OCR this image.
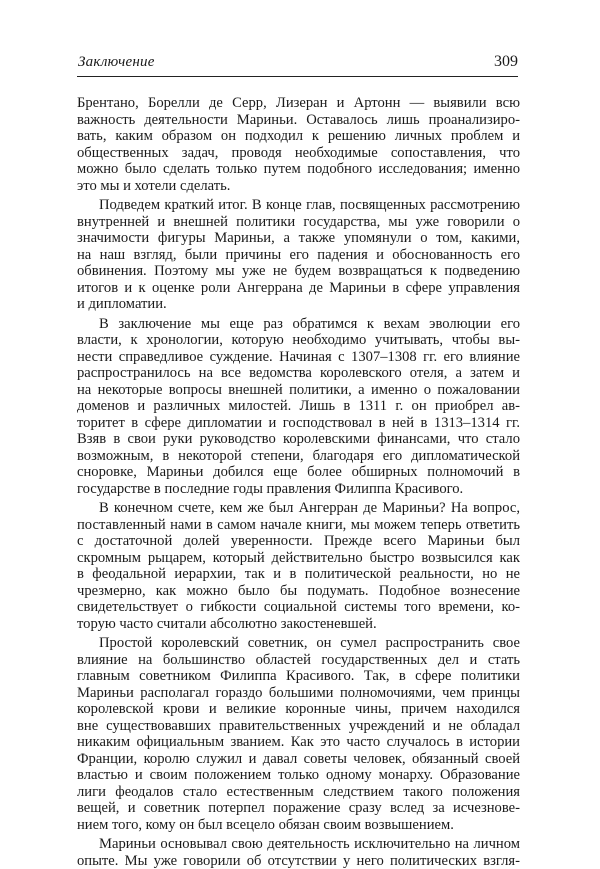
Заключение	309
Брентано, Борелли де Серр, Лизеран и Артонн — выявили всю
важность деятельности Мариньи. Оставалось лишь проанализиро-
вать, каким образом он подходил к решению личных проблем и
общественных задач, проводя необходимые сопоставления, что
можно было сделать только путем подобного исследования; именно
это мы и хотели сделать.
Подведем краткий итог. В конце глав, посвященных рассмотрению
внутренней и внешней политики государства, мы уже говорили о
значимости фигуры Мариньи, а также упомянули о том, какими,
на наш взгляд, были причины его падения и обоснованность его
обвинения. Поэтому мы уже не будем возвращаться к подведению
итогов и к оценке роли Ангеррана де Мариньи в сфере управления
и дипломатии.
В заключение мы еще раз обратимся к вехам эволюции его
власти, к хронологии, которую необходимо учитывать, чтобы вы-
нести справедливое суждение. Начиная с 1307–1308 гг. его влияние
распространилось на все ведомства королевского отеля, а затем и
на некоторые вопросы внешней политики, а именно о пожаловании
доменов и различных милостей. Лишь в 1311 г. он приобрел ав-
торитет в сфере дипломатии и господствовал в ней в 1313–1314 гг.
Взяв в свои руки руководство королевскими финансами, что стало
возможным, в некоторой степени, благодаря его дипломатической
сноровке, Мариньи добился еще более обширных полномочий в
государстве в последние годы правления Филиппа Красивого.
В конечном счете, кем же был Ангерран де Мариньи? На вопрос,
поставленный нами в самом начале книги, мы можем теперь ответить
с достаточной долей уверенности. Прежде всего Мариньи был
скромным рыцарем, который действительно быстро возвысился как
в феодальной иерархии, так и в политической реальности, но не
чрезмерно, как можно было бы подумать. Подобное вознесение
свидетельствует о гибкости социальной системы того времени, ко-
торую часто считали абсолютно закостеневшей.
Простой королевский советник, он сумел распространить свое
влияние на большинство областей государственных дел и стать
главным советником Филиппа Красивого. Так, в сфере политики
Мариньи располагал гораздо большими полномочиями, чем принцы
королевской крови и великие коронные чины, причем находился
вне существовавших правительственных учреждений и не обладал
никаким официальным званием. Как это часто случалось в истории
Франции, королю служил и давал советы человек, обязанный своей
властью и своим положением только одному монарху. Образование
лиги феодалов стало естественным следствием такого положения
вещей, и советник потерпел поражение сразу вслед за исчезнове-
нием того, кому он был всецело обязан своим возвышением.
Мариньи основывал свою деятельность исключительно на личном
опыте. Мы уже говорили об отсутствии у него политических взгля-
